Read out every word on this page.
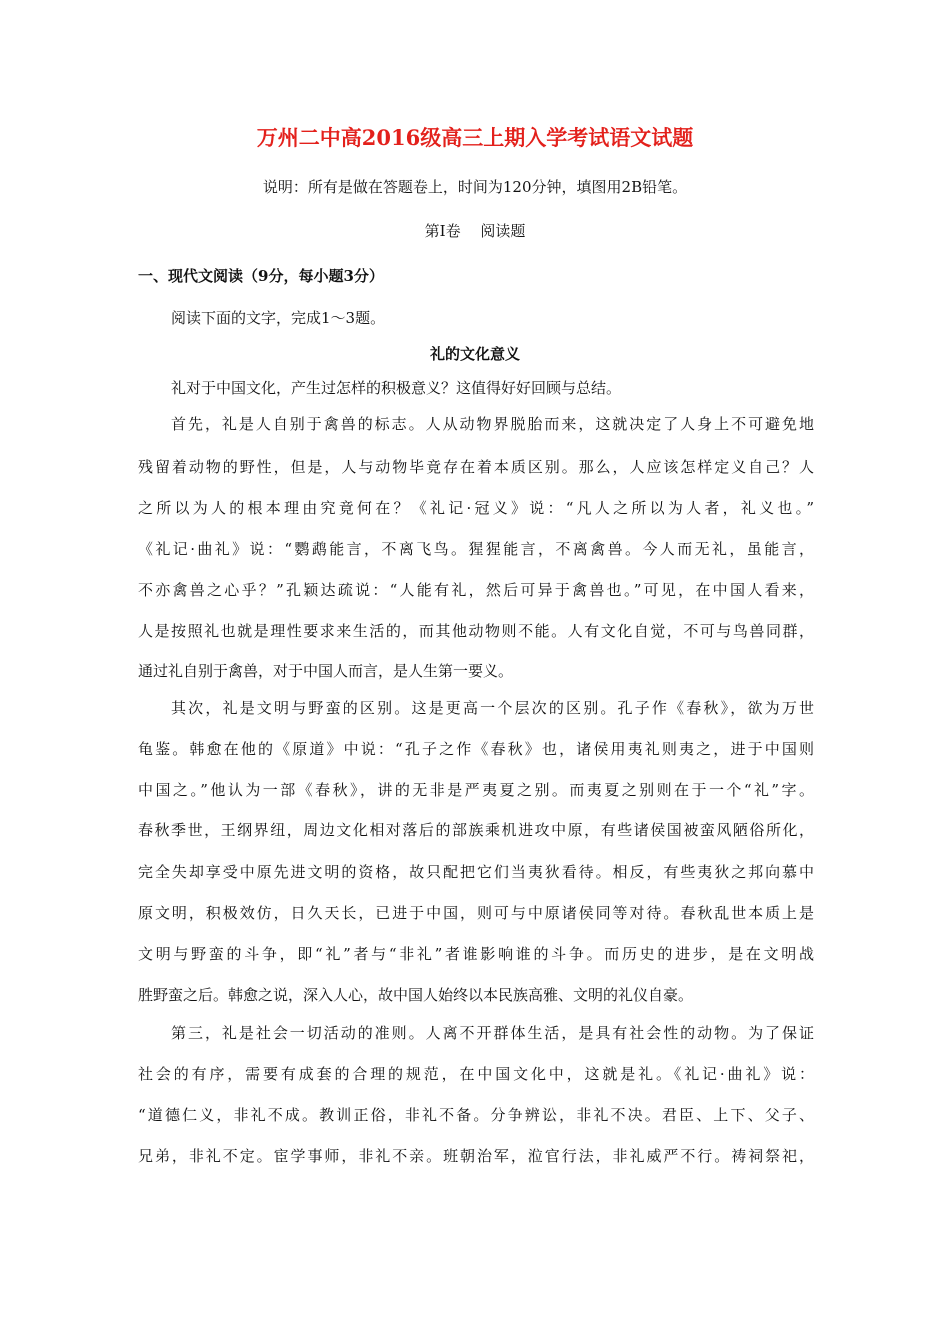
万州二中高2016级高三上期入学考试语文试题
说明：所有是做在答题卷上，时间为120分钟，填图用2B铅笔。
第Ⅰ卷　 阅读题
一、现代文阅读（9分，每小题3分）
阅读下面的文字，完成1～3题。
礼的文化意义
礼对于中国文化，产生过怎样的积极意义？这值得好好回顾与总结。
首先，礼是人自别于禽兽的标志。人从动物界脱胎而来，这就决定了人身上不可避免地
残留着动物的野性，但是，人与动物毕竟存在着本质区别。那么，人应该怎样定义自己？人
之所以为人的根本理由究竟何在？《礼记·冠义》说：“凡人之所以为人者，礼义也。”
《礼记·曲礼》说：“鹦鹉能言，不离飞鸟。猩猩能言，不离禽兽。今人而无礼，虽能言，
不亦禽兽之心乎？”孔颖达疏说：“人能有礼，然后可异于禽兽也。”可见，在中国人看来，
人是按照礼也就是理性要求来生活的，而其他动物则不能。人有文化自觉，不可与鸟兽同群，
通过礼自别于禽兽，对于中国人而言，是人生第一要义。
其次，礼是文明与野蛮的区别。这是更高一个层次的区别。孔子作《春秋》，欲为万世
龟鉴。韩愈在他的《原道》中说：“孔子之作《春秋》也，诸侯用夷礼则夷之，进于中国则
中国之。”他认为一部《春秋》，讲的无非是严夷夏之别。而夷夏之别则在于一个“礼”字。
春秋季世，王纲界纽，周边文化相对落后的部族乘机进攻中原，有些诸侯国被蛮风陋俗所化，
完全失却享受中原先进文明的资格，故只配把它们当夷狄看待。相反，有些夷狄之邦向慕中
原文明，积极效仿，日久天长，已进于中国，则可与中原诸侯同等对待。春秋乱世本质上是
文明与野蛮的斗争，即“礼”者与“非礼”者谁影响谁的斗争。而历史的进步，是在文明战
胜野蛮之后。韩愈之说，深入人心，故中国人始终以本民族高雅、文明的礼仪自豪。
第三，礼是社会一切活动的准则。人离不开群体生活，是具有社会性的动物。为了保证
社会的有序，需要有成套的合理的规范，在中国文化中，这就是礼。《礼记·曲礼》说：
“道德仁义，非礼不成。教训正俗，非礼不备。分争辨讼，非礼不决。君臣、上下、父子、
兄弟，非礼不定。宦学事师，非礼不亲。班朝治军，涖官行法，非礼威严不行。祷祠祭祀，
